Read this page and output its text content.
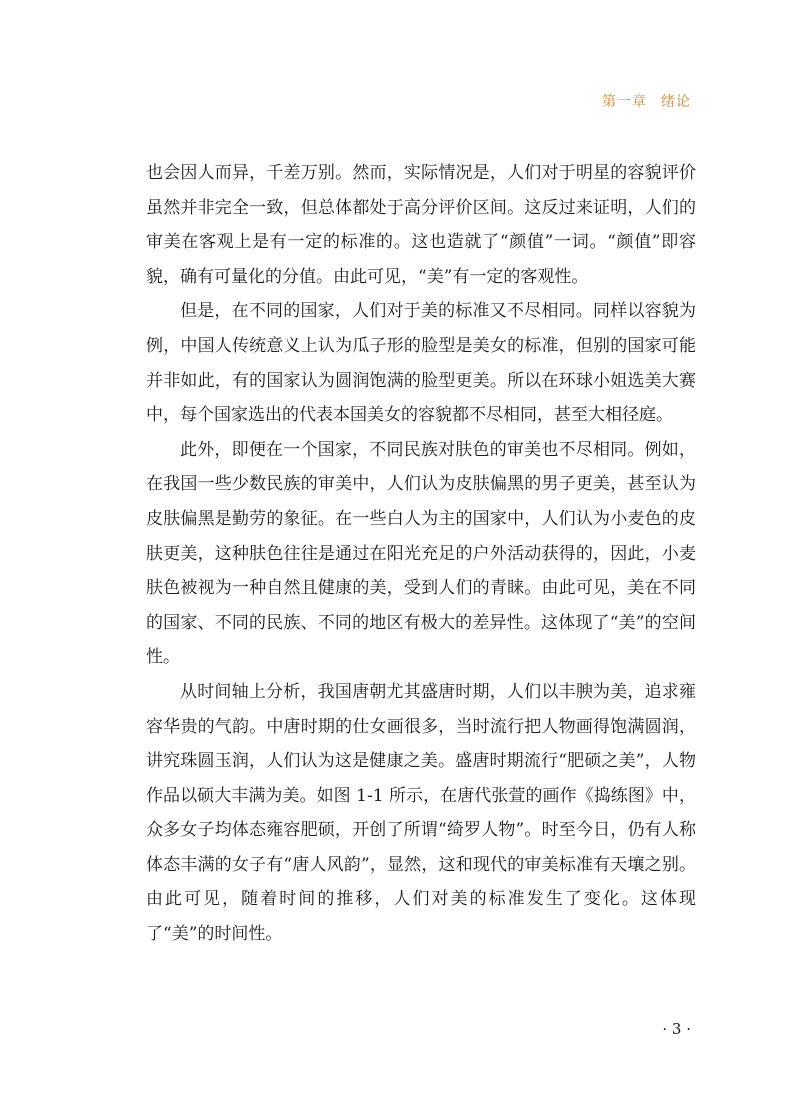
第一章 绪论

也会因人而异，千差万别。然而，实际情况是，人们对于明星的容貌评价虽然并非完全一致，但总体都处于高分评价区间。这反过来证明，人们的审美在客观上是有一定的标准的。这也造就了“颜值”一词。“颜值”即容貌，确有可量化的分值。由此可见，“美”有一定的客观性。

但是，在不同的国家，人们对于美的标准又不尽相同。同样以容貌为例，中国人传统意义上认为瓜子形的脸型是美女的标准，但别的国家可能并非如此，有的国家认为圆润饱满的脸型更美。所以在环球小姐选美大赛中，每个国家选出的代表本国美女的容貌都不尽相同，甚至大相径庭。

此外，即便在一个国家，不同民族对肤色的审美也不尽相同。例如，在我国一些少数民族的审美中，人们认为皮肤偏黑的男子更美，甚至认为皮肤偏黑是勤劳的象征。在一些白人为主的国家中，人们认为小麦色的皮肤更美，这种肤色往往是通过在阳光充足的户外活动获得的，因此，小麦肤色被视为一种自然且健康的美，受到人们的青睐。由此可见，美在不同的国家、不同的民族、不同的地区有极大的差异性。这体现了“美”的空间性。

从时间轴上分析，我国唐朝尤其盛唐时期，人们以丰腴为美，追求雍容华贵的气韵。中唐时期的仕女画很多，当时流行把人物画得饱满圆润，讲究珠圆玉润，人们认为这是健康之美。盛唐时期流行“肥硕之美”，人物作品以硕大丰满为美。如图 1-1 所示，在唐代张萱的画作《捣练图》中，众多女子均体态雍容肥硕，开创了所谓“绮罗人物”。时至今日，仍有人称体态丰满的女子有“唐人风韵”，显然，这和现代的审美标准有天壤之别。由此可见，随着时间的推移，人们对美的标准发生了变化。这体现了“美”的时间性。

· 3 ·
